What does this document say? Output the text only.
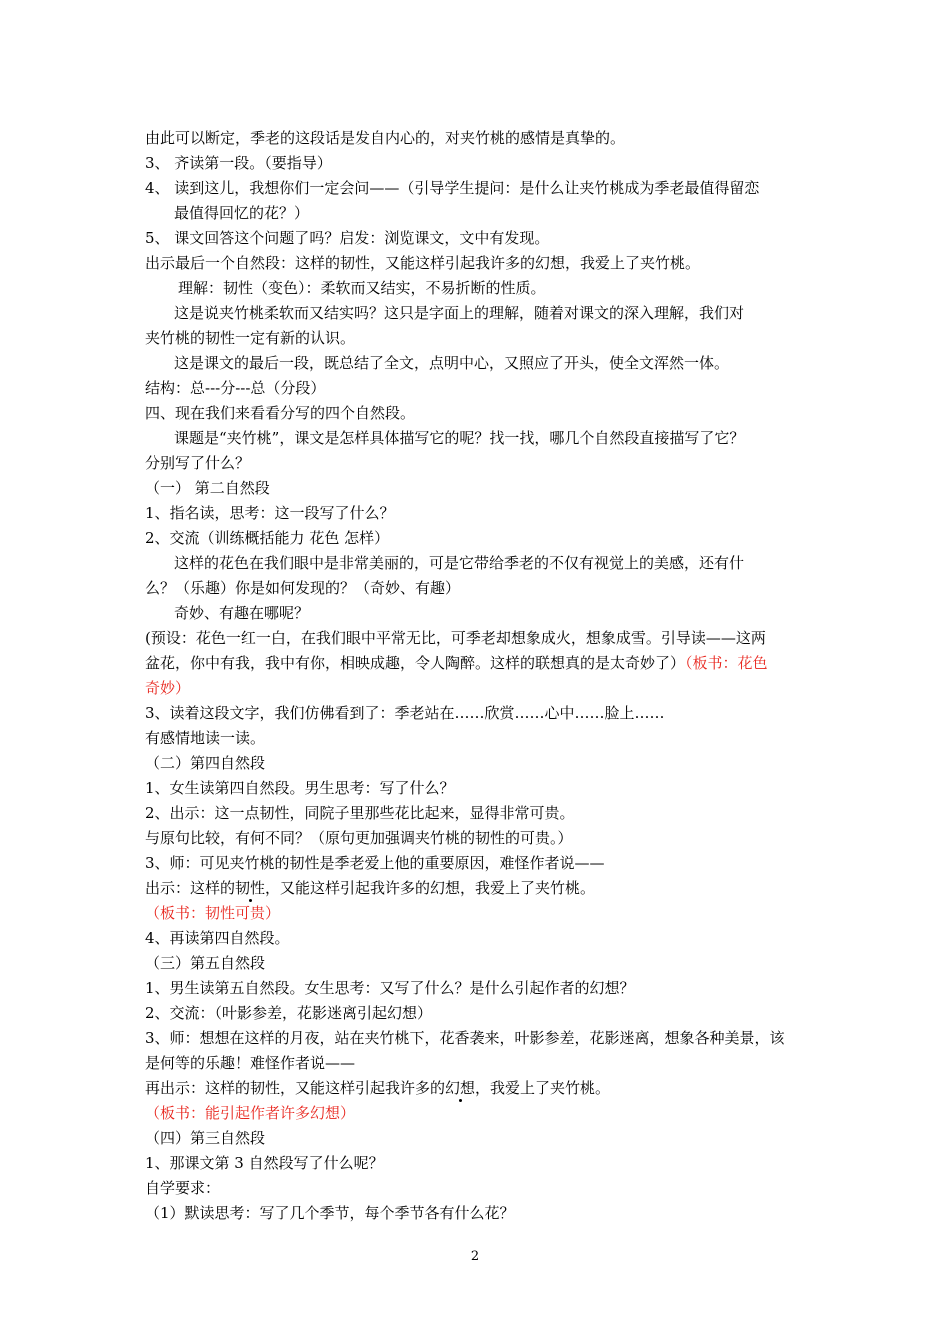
由此可以断定，季老的这段话是发自内心的，对夹竹桃的感情是真挚的。
3、 齐读第一段。（要指导）
4、 读到这儿，我想你们一定会问——（引导学生提问：是什么让夹竹桃成为季老最值得留恋
最值得回忆的花？）
5、 课文回答这个问题了吗？启发：浏览课文，文中有发现。
出示最后一个自然段：这样的韧性，又能这样引起我许多的幻想，我爱上了夹竹桃。
理解：韧性（变色）：柔软而又结实，不易折断的性质。
这是说夹竹桃柔软而又结实吗？这只是字面上的理解，随着对课文的深入理解，我们对
夹竹桃的韧性一定有新的认识。
这是课文的最后一段，既总结了全文，点明中心，又照应了开头，使全文浑然一体。
结构：总---分---总（分段）
四、现在我们来看看分写的四个自然段。
课题是“夹竹桃”，课文是怎样具体描写它的呢？找一找，哪几个自然段直接描写了它？
分别写了什么？
（一） 第二自然段
1、指名读，思考：这一段写了什么？
2、交流（训练概括能力 花色 怎样）
这样的花色在我们眼中是非常美丽的，可是它带给季老的不仅有视觉上的美感，还有什
么？（乐趣）你是如何发现的？（奇妙、有趣）
奇妙、有趣在哪呢？
(预设：花色一红一白，在我们眼中平常无比，可季老却想象成火，想象成雪。引导读——这两
盆花，你中有我，我中有你，相映成趣，令人陶醉。这样的联想真的是太奇妙了）（板书：花色
奇妙）
3、读着这段文字，我们仿佛看到了：季老站在……欣赏……心中……脸上……
有感情地读一读。
（二）第四自然段
1、女生读第四自然段。男生思考：写了什么？
2、出示：这一点韧性，同院子里那些花比起来，显得非常可贵。
与原句比较，有何不同？（原句更加强调夹竹桃的韧性的可贵。）
3、师：可见夹竹桃的韧性是季老爱上他的重要原因，难怪作者说——
出示：这样的韧性，又能这样引起我许多的幻想，我爱上了夹竹桃。
（板书：韧性可贵）
4、再读第四自然段。
（三）第五自然段
1、男生读第五自然段。女生思考：又写了什么？是什么引起作者的幻想？
2、交流：（叶影参差，花影迷离引起幻想）
3、师：想想在这样的月夜，站在夹竹桃下，花香袭来，叶影参差，花影迷离，想象各种美景，该
是何等的乐趣！难怪作者说——
再出示：这样的韧性，又能这样引起我许多的幻想，我爱上了夹竹桃。
（板书：能引起作者许多幻想）
（四）第三自然段
1、那课文第 3 自然段写了什么呢？
自学要求：
（1）默读思考：写了几个季节，每个季节各有什么花？
2
